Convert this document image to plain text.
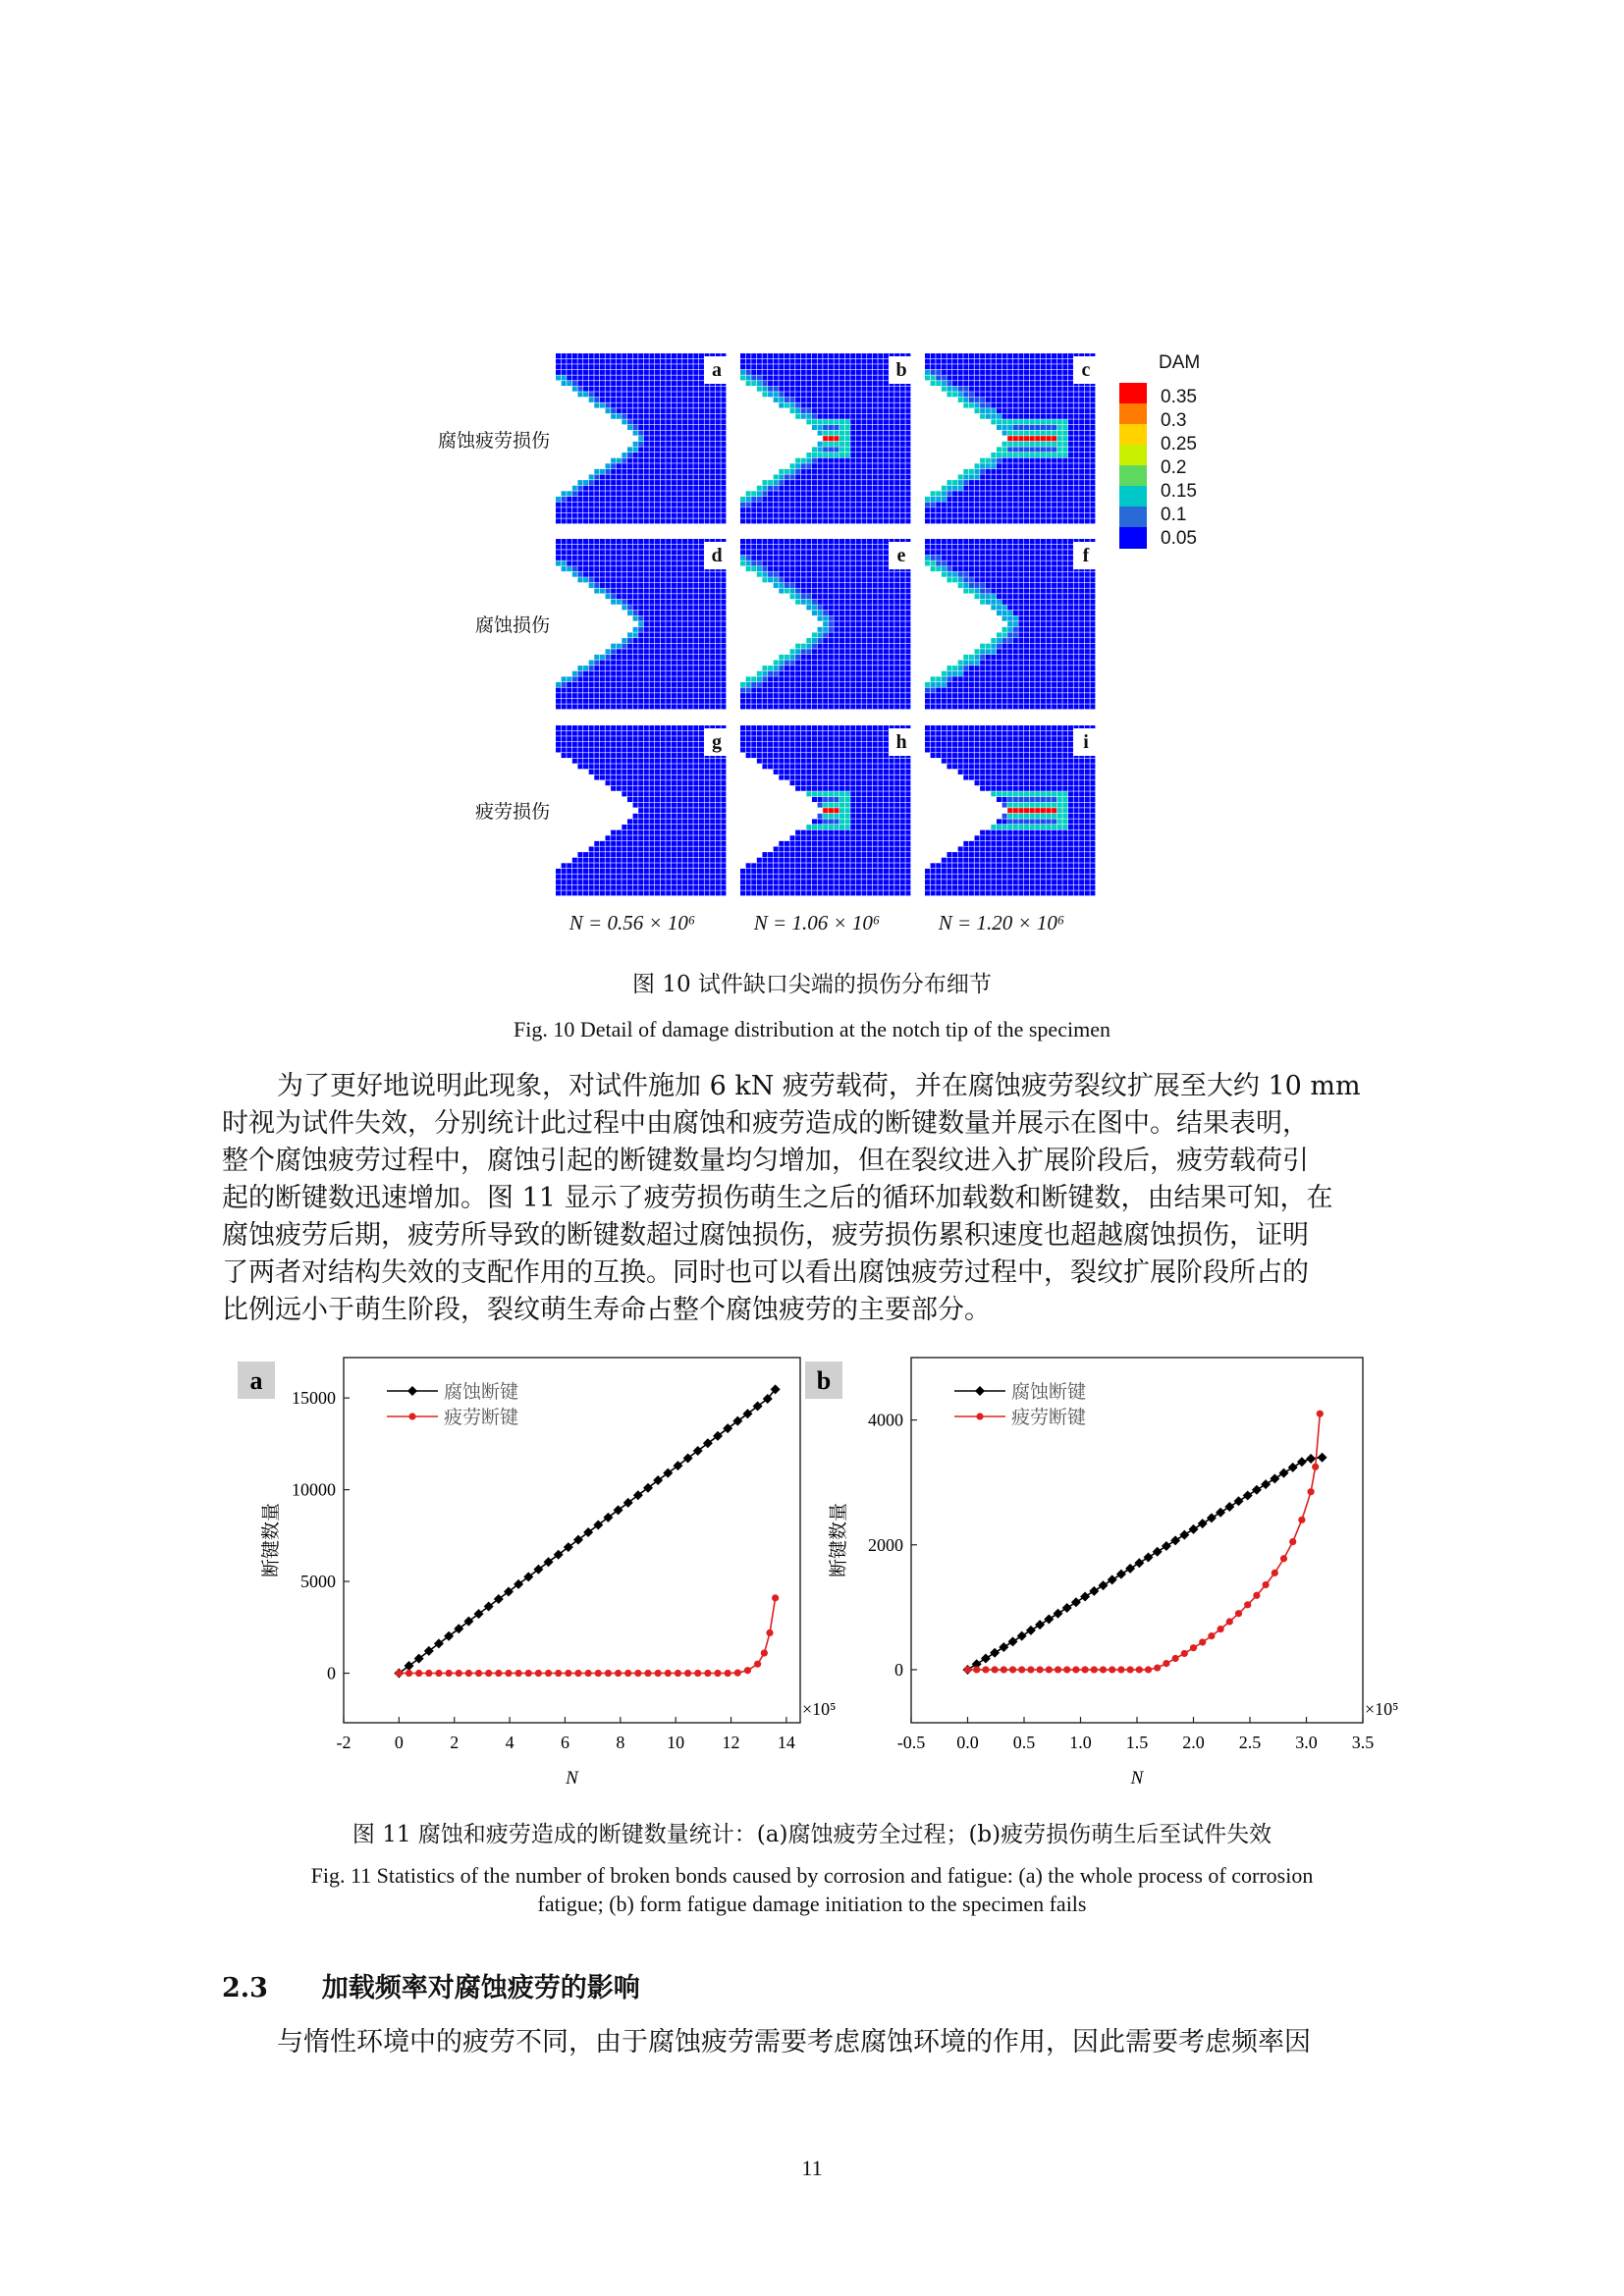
腐蚀疲劳损伤
腐蚀损伤
疲劳损伤
a	b	c
d	e	f
g	h	i
N = 0.56 × 10⁶	N = 1.06 × 10⁶	N = 1.20 × 10⁶
DAM
0.35
0.3
0.25
0.2
0.15
0.1
0.05
图 10 试件缺口尖端的损伤分布细节
Fig. 10 Detail of damage distribution at the notch tip of the specimen

为了更好地说明此现象，对试件施加 6 kN 疲劳载荷，并在腐蚀疲劳裂纹扩展至大约 10 mm

时视为试件失效，分别统计此过程中由腐蚀和疲劳造成的断键数量并展示在图中。结果表明，

整个腐蚀疲劳过程中，腐蚀引起的断键数量均匀增加，但在裂纹进入扩展阶段后，疲劳载荷引

起的断键数迅速增加。图 11 显示了疲劳损伤萌生之后的循环加载数和断键数，由结果可知，在

腐蚀疲劳后期，疲劳所导致的断键数超过腐蚀损伤，疲劳损伤累积速度也超越腐蚀损伤，证明

了两者对结构失效的支配作用的互换。同时也可以看出腐蚀疲劳过程中，裂纹扩展阶段所占的

比例远小于萌生阶段，裂纹萌生寿命占整个腐蚀疲劳的主要部分。

-2 0	2	4	6	8 10 12 14
0
5000
10000
15000
×10⁵
N
断键数量
腐蚀断键
疲劳断键
a
-0.5 0.0 0.5 1.0 1.5 2.0 2.5 3.0 3.5
0
2000
4000
×10⁵
N
断键数量
腐蚀断键
疲劳断键
b
图 11 腐蚀和疲劳造成的断键数量统计：(a)腐蚀疲劳全过程；(b)疲劳损伤萌生后至试件失效
Fig. 11 Statistics of the number of broken bonds caused by corrosion and fatigue: (a) the whole process of corrosion
fatigue; (b) form fatigue damage initiation to the specimen fails
2.3 加载频率对腐蚀疲劳的影响

与惰性环境中的疲劳不同，由于腐蚀疲劳需要考虑腐蚀环境的作用，因此需要考虑频率因

11
